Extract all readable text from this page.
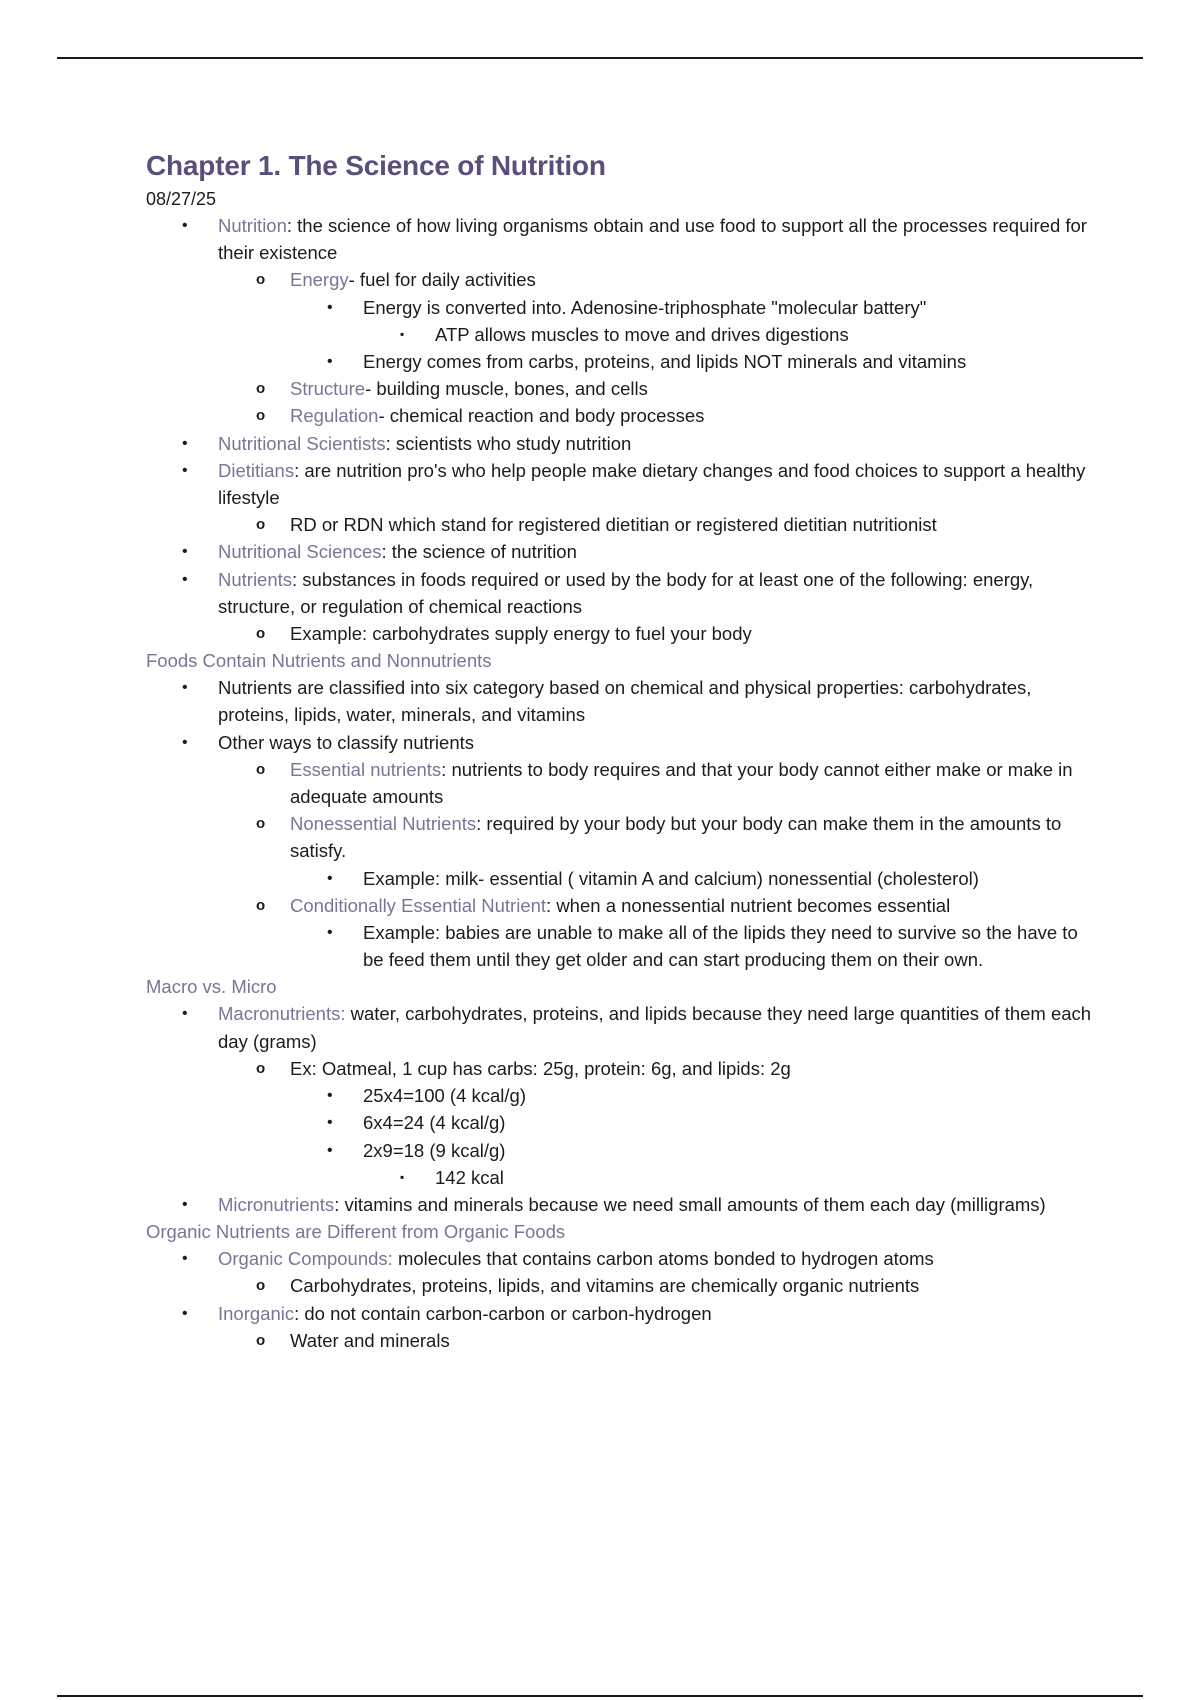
Chapter 1. The Science of Nutrition

08/27/25

• Nutrition: the science of how living organisms obtain and use food to support all the processes required for their existence
o Energy- fuel for daily activities
• Energy is converted into. Adenosine-triphosphate "molecular battery"
▪ ATP allows muscles to move and drives digestions
• Energy comes from carbs, proteins, and lipids NOT minerals and vitamins
o Structure- building muscle, bones, and cells
o Regulation- chemical reaction and body processes
• Nutritional Scientists: scientists who study nutrition
• Dietitians: are nutrition pro's who help people make dietary changes and food choices to support a healthy lifestyle
o RD or RDN which stand for registered dietitian or registered dietitian nutritionist
• Nutritional Sciences: the science of nutrition
• Nutrients: substances in foods required or used by the body for at least one of the following: energy, structure, or regulation of chemical reactions
o Example: carbohydrates supply energy to fuel your body

Foods Contain Nutrients and Nonnutrients

• Nutrients are classified into six category based on chemical and physical properties: carbohydrates, proteins, lipids, water, minerals, and vitamins
• Other ways to classify nutrients
o Essential nutrients: nutrients to body requires and that your body cannot either make or make in adequate amounts
o Nonessential Nutrients: required by your body but your body can make them in the amounts to satisfy.
• Example: milk- essential ( vitamin A and calcium) nonessential (cholesterol)
o Conditionally Essential Nutrient: when a nonessential nutrient becomes essential
• Example: babies are unable to make all of the lipids they need to survive so the have to be feed them until they get older and can start producing them on their own.

Macro vs. Micro

• Macronutrients: water, carbohydrates, proteins, and lipids because they need large quantities of them each day (grams)
o Ex: Oatmeal, 1 cup has carbs: 25g, protein: 6g, and lipids: 2g
• 25x4=100 (4 kcal/g)
• 6x4=24 (4 kcal/g)
• 2x9=18 (9 kcal/g)
▪ 142 kcal
• Micronutrients: vitamins and minerals because we need small amounts of them each day (milligrams)

Organic Nutrients are Different from Organic Foods

• Organic Compounds: molecules that contains carbon atoms bonded to hydrogen atoms
o Carbohydrates, proteins, lipids, and vitamins are chemically organic nutrients
• Inorganic: do not contain carbon-carbon or carbon-hydrogen
o Water and minerals
